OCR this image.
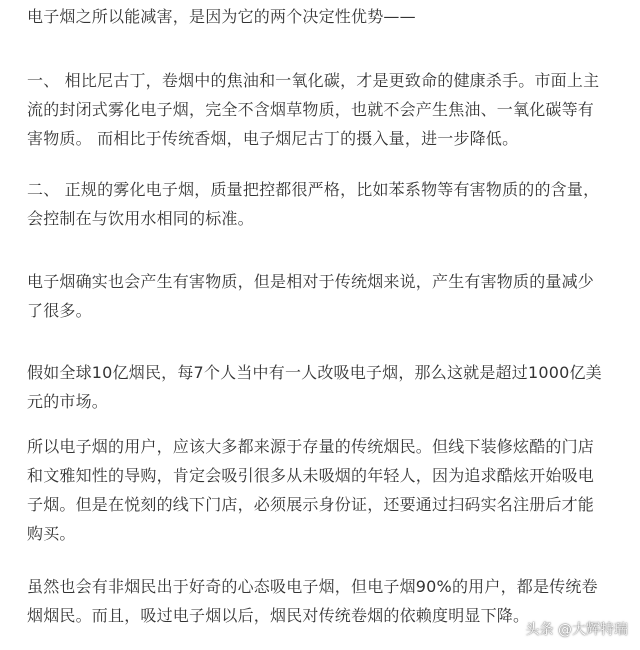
电子烟之所以能减害，是因为它的两个决定性优势——

一、 相比尼古丁，卷烟中的焦油和一氧化碳，才是更致命的健康杀手。市面上主
流的封闭式雾化电子烟，完全不含烟草物质，也就不会产生焦油、一氧化碳等有
害物质。 而相比于传统香烟，电子烟尼古丁的摄入量，进一步降低。

二、 正规的雾化电子烟，质量把控都很严格，比如苯系物等有害物质的的含量，
会控制在与饮用水相同的标准。

电子烟确实也会产生有害物质，但是相对于传统烟来说，产生有害物质的量减少
了很多。

假如全球10亿烟民，每7个人当中有一人改吸电子烟，那么这就是超过1000亿美
元的市场。

所以电子烟的用户，应该大多都来源于存量的传统烟民。但线下装修炫酷的门店
和文雅知性的导购，肯定会吸引很多从未吸烟的年轻人，因为追求酷炫开始吸电
子烟。但是在悦刻的线下门店，必须展示身份证，还要通过扫码实名注册后才能
购买。

虽然也会有非烟民出于好奇的心态吸电子烟，但电子烟90%的用户，都是传统卷
烟烟民。而且，吸过电子烟以后，烟民对传统卷烟的依赖度明显下降。

头条 @大辉特瑞
